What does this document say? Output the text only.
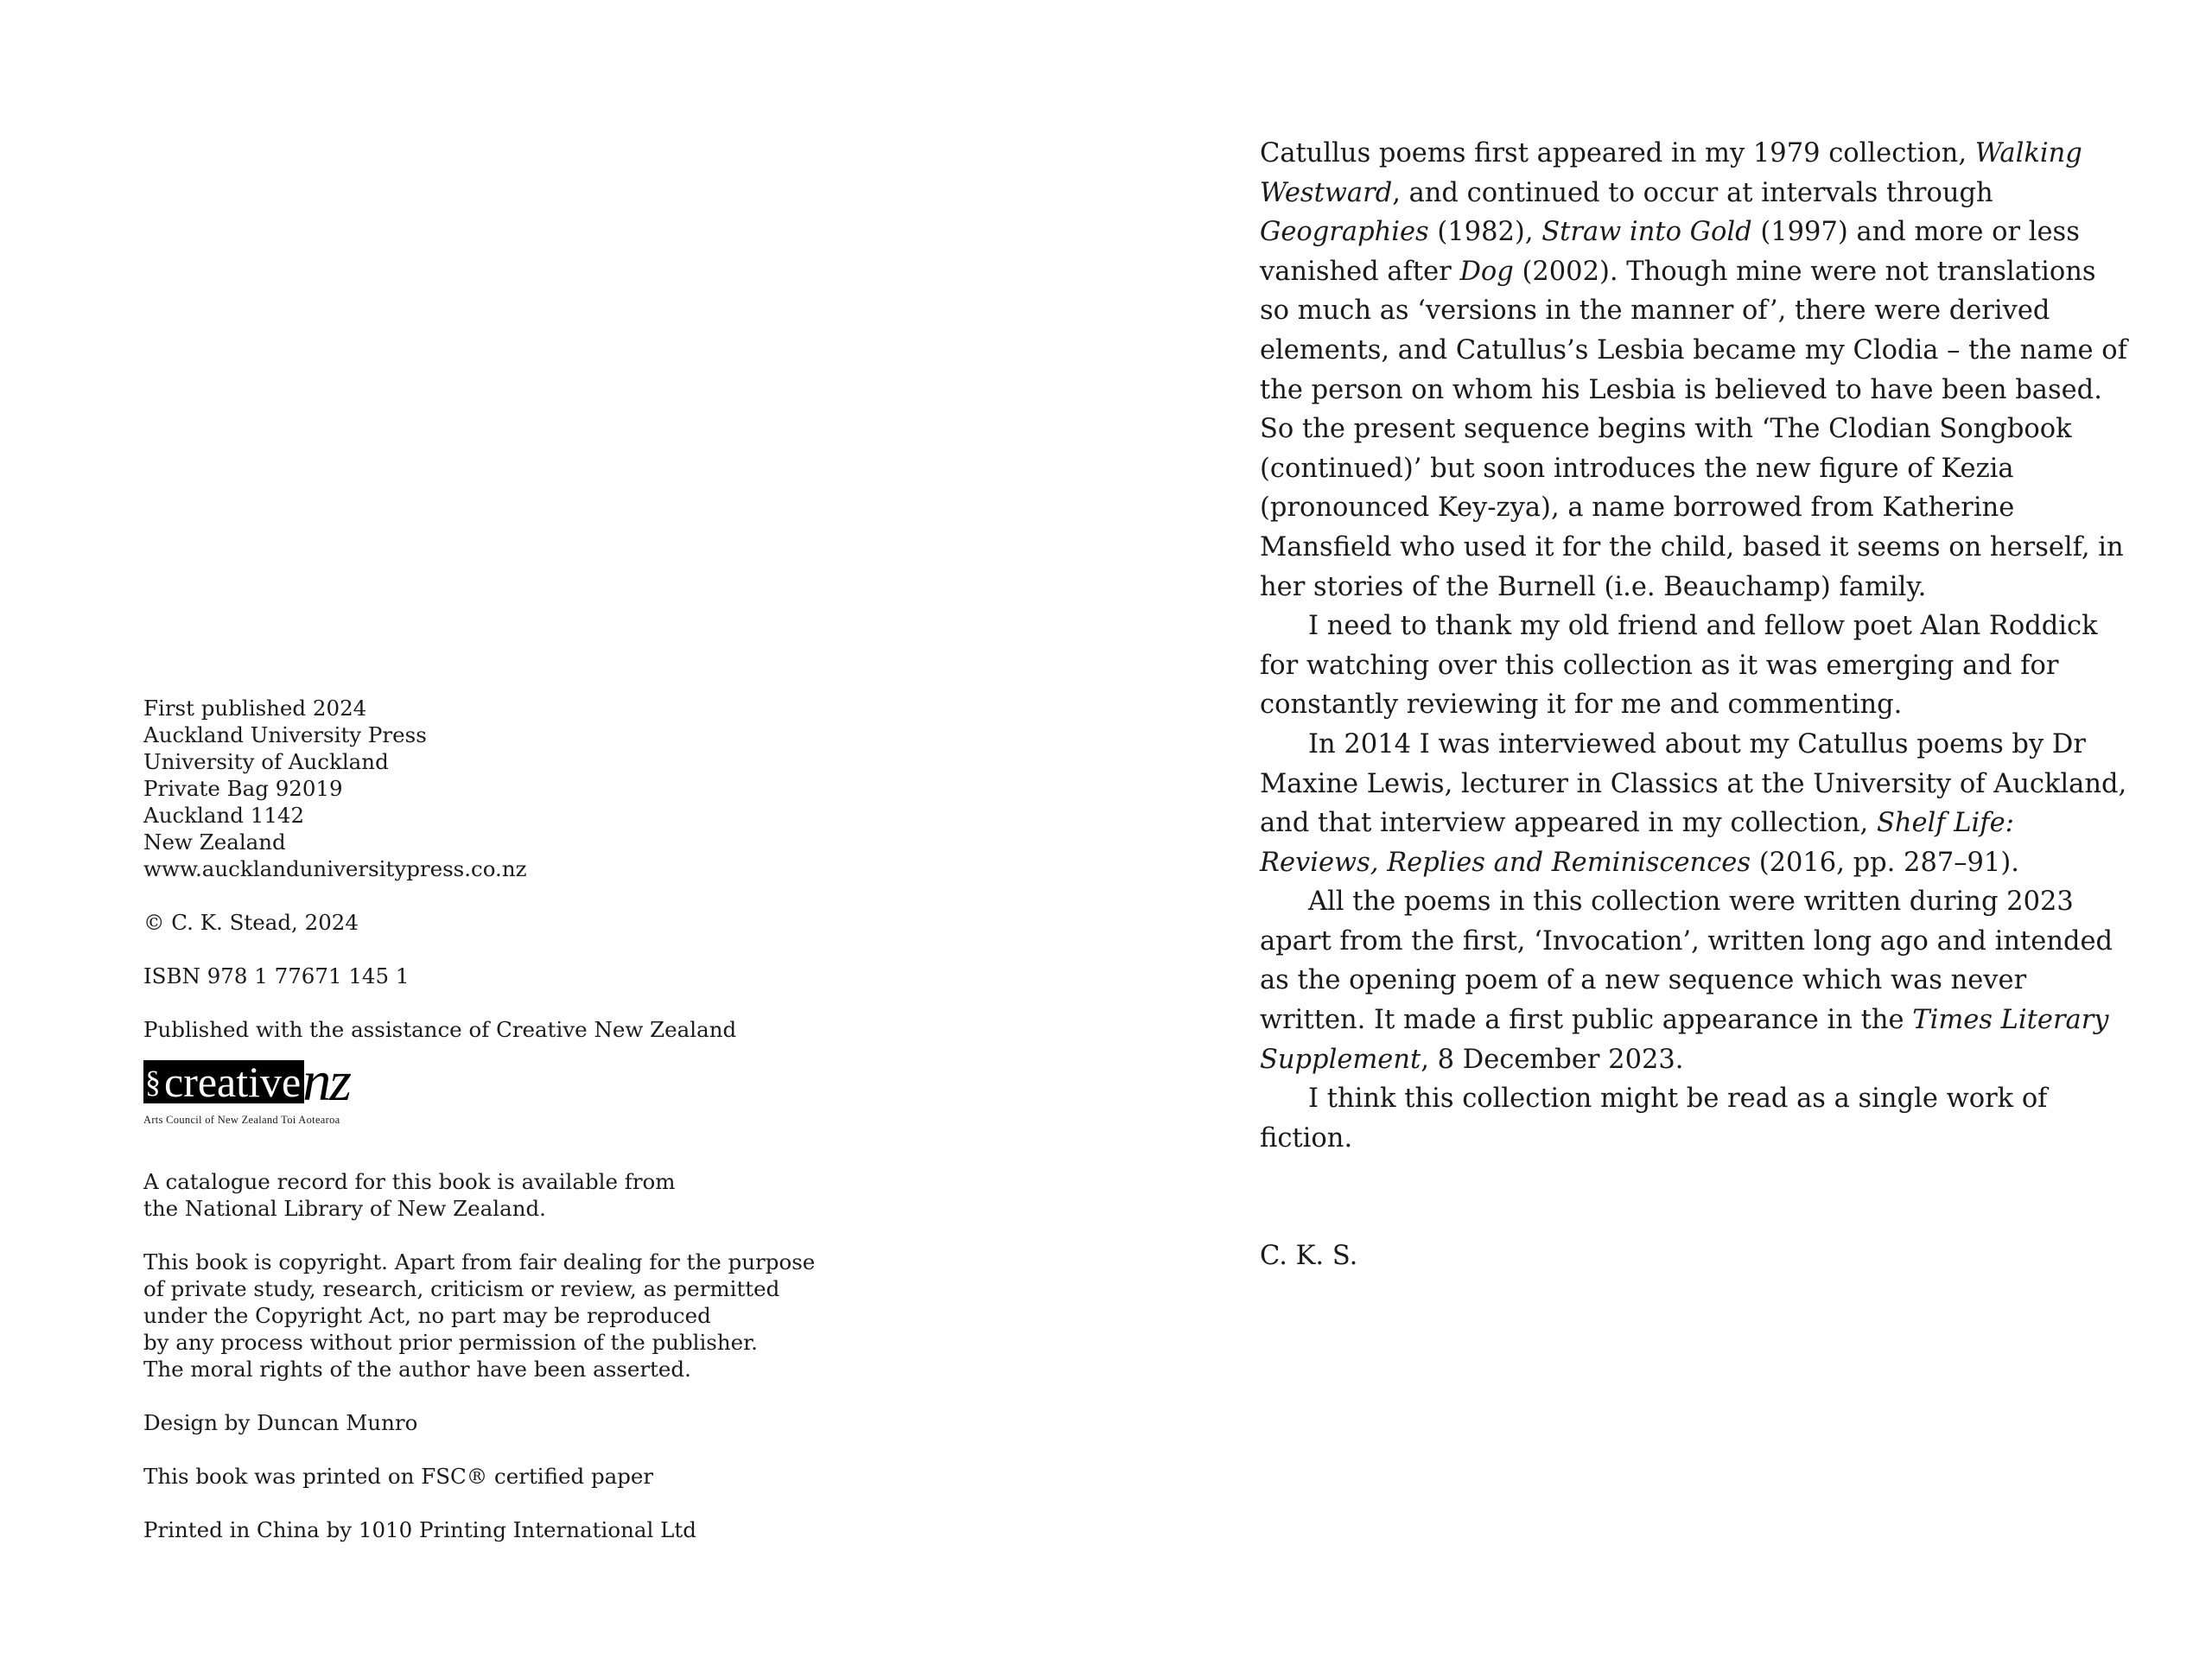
First published 2024

Auckland University Press

University of Auckland

Private Bag 92019

Auckland 1142

New Zealand

www.aucklanduniversitypress.co.nz

© C. K. Stead, 2024

ISBN 978 1 77671 145 1

Published with the assistance of Creative New Zealand

§ creative nz
Arts Council of New Zealand Toi Aotearoa

A catalogue record for this book is available from

the National Library of New Zealand.

This book is copyright. Apart from fair dealing for the purpose

of private study, research, criticism or review, as permitted

under the Copyright Act, no part may be reproduced

by any process without prior permission of the publisher.

The moral rights of the author have been asserted.

Design by Duncan Munro

This book was printed on FSC® certified paper

Printed in China by 1010 Printing International Ltd

Catullus poems first appeared in my 1979 collection, Walking Westward, and continued to occur at intervals through Geographies (1982), Straw into Gold (1997) and more or less vanished after Dog (2002). Though mine were not translations so much as ‘versions in the manner of’, there were derived elements, and Catullus’s Lesbia became my Clodia – the name of the person on whom his Lesbia is believed to have been based. So the present sequence begins with ‘The Clodian Songbook (continued)’ but soon introduces the new figure of Kezia (pronounced Key-zya), a name borrowed from Katherine Mansfield who used it for the child, based it seems on herself, in her stories of the Burnell (i.e. Beauchamp) family.

I need to thank my old friend and fellow poet Alan Roddick for watching over this collection as it was emerging and for constantly reviewing it for me and commenting.

In 2014 I was interviewed about my Catullus poems by Dr Maxine Lewis, lecturer in Classics at the University of Auckland, and that interview appeared in my collection, Shelf Life: Reviews, Replies and Reminiscences (2016, pp. 287–91).

All the poems in this collection were written during 2023 apart from the first, ‘Invocation’, written long ago and intended as the opening poem of a new sequence which was never written. It made a first public appearance in the Times Literary Supplement, 8 December 2023.

I think this collection might be read as a single work of fiction.

C. K. S.
